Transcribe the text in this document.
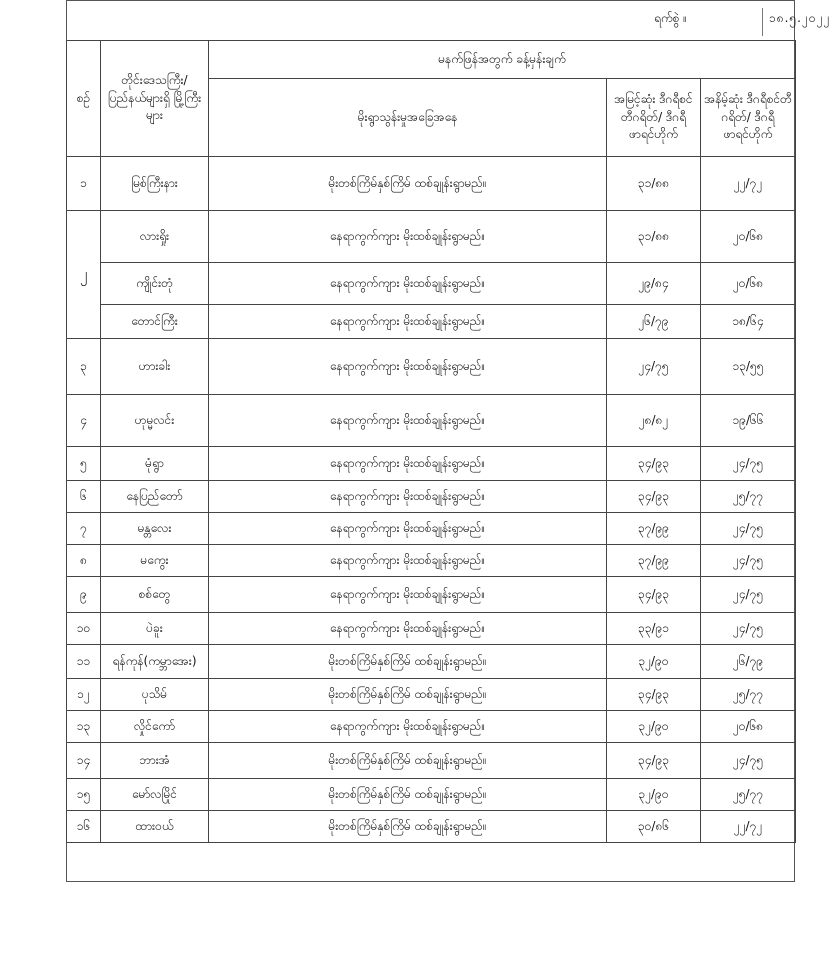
ရက်စွဲ ။	၁၈.၅.၂၀၂၂
စဉ်	တိုင်းဒေသကြီး/ ပြည်နယ်များရှိ မြို့ကြီးများ	မနက်ဖြန်အတွက် ခန့်မှန်းချက်		
		မိုးရွာသွန်းမှုအခြေအနေ	အမြင့်ဆုံး ဒီဂရီစင်တီဂရိတ်/ ဒီဂရီဖာရင်ဟိုက်	အနိမ့်ဆုံး ဒီဂရီစင်တီဂရိတ်/ ဒီဂရီဖာရင်ဟိုက်
၁	မြစ်ကြီးနား	မိုးတစ်ကြိမ်နှစ်ကြိမ် ထစ်ချုန်းရွာမည်။	၃၁/၈၈	၂၂/၇၂
၂	လားရှိုး	နေရာကွက်ကျား မိုးထစ်ချုန်းရွာမည်။	၃၁/၈၈	၂၀/၆၈
	ကျိုင်းတုံ	နေရာကွက်ကျား မိုးထစ်ချုန်းရွာမည်။	၂၉/၈၄	၂၀/၆၈
	တောင်ကြီး	နေရာကွက်ကျား မိုးထစ်ချုန်းရွာမည်။	၂၆/၇၉	၁၈/၆၄
၃	ဟားခါး	နေရာကွက်ကျား မိုးထစ်ချုန်းရွာမည်။	၂၄/၇၅	၁၃/၅၅
၄	ဟုမ္မလင်း	နေရာကွက်ကျား မိုးထစ်ချုန်းရွာမည်။	၂၈/၈၂	၁၉/၆၆
၅	မုံရွာ	နေရာကွက်ကျား မိုးထစ်ချုန်းရွာမည်။	၃၄/၉၃	၂၄/၇၅
၆	နေပြည်တော်	နေရာကွက်ကျား မိုးထစ်ချုန်းရွာမည်။	၃၄/၉၃	၂၅/၇၇
၇	မန္တလေး	နေရာကွက်ကျား မိုးထစ်ချုန်းရွာမည်။	၃၇/၉၉	၂၄/၇၅
၈	မကွေး	နေရာကွက်ကျား မိုးထစ်ချုန်းရွာမည်။	၃၇/၉၉	၂၄/၇၅
၉	စစ်တွေ	နေရာကွက်ကျား မိုးထစ်ချုန်းရွာမည်။	၃၄/၉၃	၂၄/၇၅
၁၀	ပဲခူး	နေရာကွက်ကျား မိုးထစ်ချုန်းရွာမည်။	၃၃/၉၁	၂၄/၇၅
၁၁	ရန်ကုန်(ကမ္ဘာအေး)	မိုးတစ်ကြိမ်နှစ်ကြိမ် ထစ်ချုန်းရွာမည်။	၃၂/၉၀	၂၆/၇၉
၁၂	ပုသိမ်	မိုးတစ်ကြိမ်နှစ်ကြိမ် ထစ်ချုန်းရွာမည်။	၃၄/၉၃	၂၅/၇၇
၁၃	လှိုင်ကော်	နေရာကွက်ကျား မိုးထစ်ချုန်းရွာမည်။	၃၂/၉၀	၂၀/၆၈
၁၄	ဘားအံ	မိုးတစ်ကြိမ်နှစ်ကြိမ် ထစ်ချုန်းရွာမည်။	၃၄/၉၃	၂၄/၇၅
၁၅	မော်လမြိုင်	မိုးတစ်ကြိမ်နှစ်ကြိမ် ထစ်ချုန်းရွာမည်။	၃၂/၉၀	၂၅/၇၇
၁၆	ထားဝယ်	မိုးတစ်ကြိမ်နှစ်ကြိမ် ထစ်ချုန်းရွာမည်။	၃၀/၈၆	၂၂/၇၂
